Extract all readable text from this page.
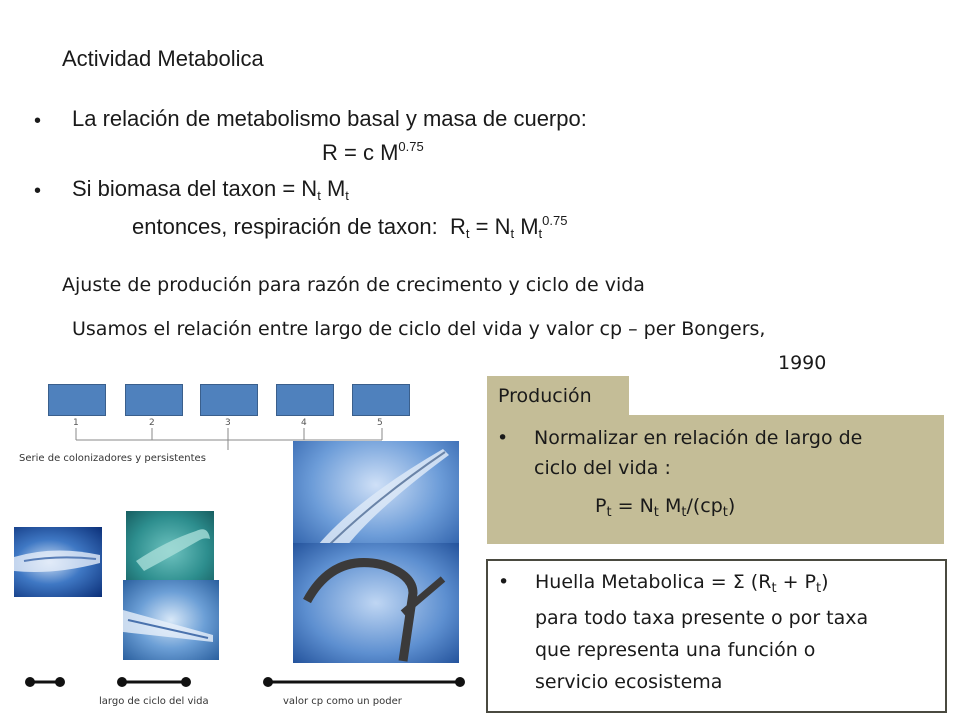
Actividad Metabolica
• La relación de metabolismo basal y masa de cuerpo:
R = c $M^{0.75}$
• Si biomasa del taxon = $N_t$ $M_t$
entonces, respiración de taxon: $R_t = N_t$ $M_t^{0.75}$
Ajuste de produción para razón de crecimento y ciclo de vida
Usamos el relación entre largo de ciclo del vida y valor cp – per Bongers,
1990
1	2	3	4	5
Serie de colonizadores y persistentes
largo de ciclo del vida	valor cp como un poder
Produción
• Normalizar en relación de largo de
ciclo del vida :
$P_t = N_t$ $M_t/(cp_t)$
• Huella Metabolica = Σ $(R_t + P_t)$
para todo taxa presente o por taxa
que representa una función o
servicio ecosistema
